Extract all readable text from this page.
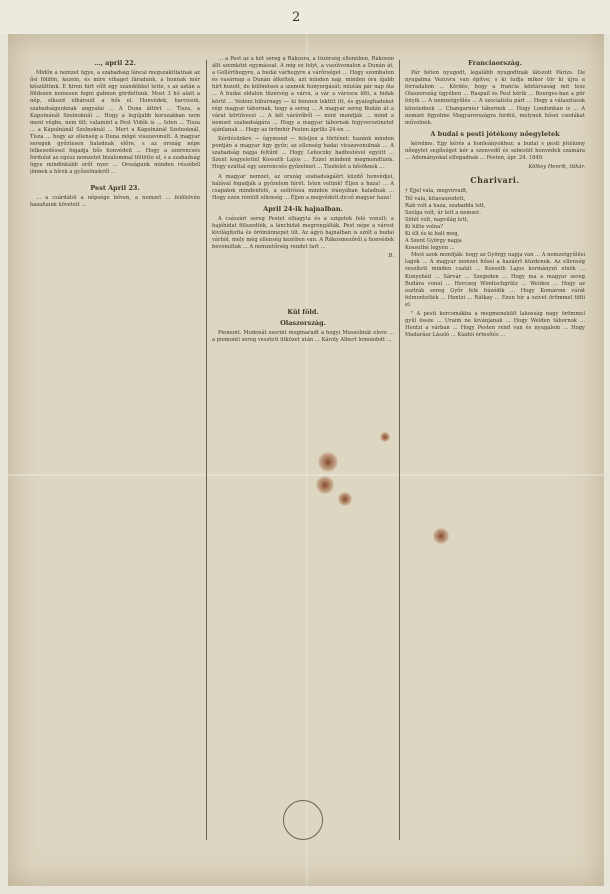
2
…, april 22.

Midőn a nemzet ügye, a szabadság láncai megszakittatnak az ősi földön, kezein, és mire vihaget fáradunk, a honnak mér készültünk. E hiren hirt vőlt egy szándékkel tette, s az aztán a földszen nemesen fogni gabnon gördeltunk. Most 3 hó alatt a nép, elkezd elhársult a hős el. Honvédek, harcosok, szabadságunknak angyalai ... A Duna áttört ... Tisza, a Kapolnánál Szolnoknál ... Hogy a legújabb korszakban nem ment végbe, nem ült; valamint a Pest Vidék is ... Isten ... Tisza ... a Kápolnánál Szolnoknál ... Mert a Kápolnánál Szolnoknál, Tisza ... hogy az ellenség a Duna mögé visszavonult. A magyar seregek győztesen haladnak előre, s az ország népe lelkesedéssel fogadja hős honvédeit ... Hogy a szerencsés fordulat az egész nemzetet bizalommal töltötte el, s a szabadság ügye mindinkább erőt nyer ... Országunk minden részéből jönnek a hírek a győzelmekről ...

Pest April 23.

… a csárdától a népsége bőven, a nemzet … felölelvén hazafiaink követeit …

… a Pest az a két sereg a Rákosra, a tűzérség ellenében, Rákoson állt szemközt egymással. A mig ez folyt, a vasútvonalon a Dunán át, a Gellérthegyre, a budai várhegyre a várőrséget ... Hogy szombaton és vasárnap a Dunán átkeltek, azt minden nap, minden óra újabb hírt hozott, de különösen a szemek hunyorgását; miután pár nap óta ... A budai oldalon tüzérség a várra, a vár a városra lőtt, a hidak körül ... Vedeni hiburnagy — ki bennen lekttit itt, és gyaloghadeket régi magyar tábornak, hogy a sereg ... A magyar sereg Budán át a várat körülveszi ... A két várérőből — mint mondják ... mind a nemzet szabadságára ... Hogy a magyar tábornak fegyverszünetet ajánlanak ... Hogy az örömhír Pesten április 24-én ...

Kérdésünkre — úgymond — feleljen a történet: hazánk minden pontján a magyar ügy győz; az ellenség hadai visszavonulnak ... A szabadság napja feltűnt ... Hogy Lehoczky hadtestével együtt ... Szent kegyelettel Kossuth Lajos ... Ezzel mindent megmondtunk. Hogy ezúttal egy szerencsés győzelmet ... Tisztelet a hősöknek ...

A magyar nemzet, az ország szabadságáért küzdő honvédjei, hálával fogadják a győzelem hírét. Isten velünk! Éljen a haza! ... A csapatok mindenfelé, a szélrózsa minden irányában haladnak ... Hogy ezen rémült ellenség ... Éljen a megvédett dicső magyar haza!

April 24-ik hajnalban.

A császári sereg Pestet elhagyta és a szigetek felé vonult; a hajóhídat fölszedték, a lánchidat megrongálták. Pest népe a várost kivilágította és örömünnepet ült. Az ágyú hajnalban is szólt a budai várból, mely még ellenség kezében van. A Rákosmezőről a honvédek bevonultak ... A nemzetőrség rendet tart ...

B.
Kül föld.
Olaszország.

Piemont. Modenát szerint megmaradt a hegyi Mussolinát eleve ... a piemonti sereg vesztett ütközet után ... Károly Albert lemondott ...

Franciaország.

Pár héten nyugodt, legalább nyugodtnak látszott Párizs. De nyugalma Vezuvra van építve; s ki tudja mikor tör ki újra a forradalom ... Kérdés, hogy a francia köztársaság mit tesz Olaszország ügyében ... Raspail és Pest kérik ... Bourges-ban a pör folyik ... A nemzetgyűlés ... A szocialista párt ... Hogy a választások közelednek ... Changarnier tábornok ... Hogy Londonban is ... A nemzet figyelme Magyarországra fordul, melynek hősei csodákat művelnek.

A budai s pesti jótékony nőegyletek

kérelme. Egy kérés a honleányokhoz: a budai s pesti jótékony nőegylet segítséget kér a szenvedő és sebesült honvédek számára ... Adományokat elfogadnak ... Pesten, ápr. 24. 1849.

Kölkey Henrik, titkár.
Charivari.

† Éjjel vala, megvirradt,

Tél vala, kitavaszodott,

Rab volt a haza, szabaddá lett,

Szolga volt, úr lett a nemzet.

Sötét volt, napvilág lett,

Ki hitte volna?

Ki élt és ki halt meg,

A Szent György napja

Kossuthé legyen ...

Most azok mondják: hogy az György napja van ... A nemzetgyűlési tagok ... A magyar nemzet hősei a hazáért küzdenek. Az ellenség veszített minden csatát ... Kossuth Lajos kormányzó elnök ... Kunyehéd ... Sárvár ... Szegeden ... Hogy ma a magyar sereg Budára vonul ... Herczeg Windischgrätz ... Welden ... Hogy az osztrák sereg Győr felé húzódik ... Hogy Komárom várát felmentették ... Hentzi ... Rátkay ... Ezen hír a szívet örömmel tölti el.

" A pesti korcsmákba a megmenekült lakosság nagy örömmel gyűl össze ... Uraim ne kivánjanak ... Hogy Welden tábornok ... Hentzi a várban ... Hogy Pesten rend van és nyugalom ... Hogy Madarász László ... Kiadói értesítés ...
